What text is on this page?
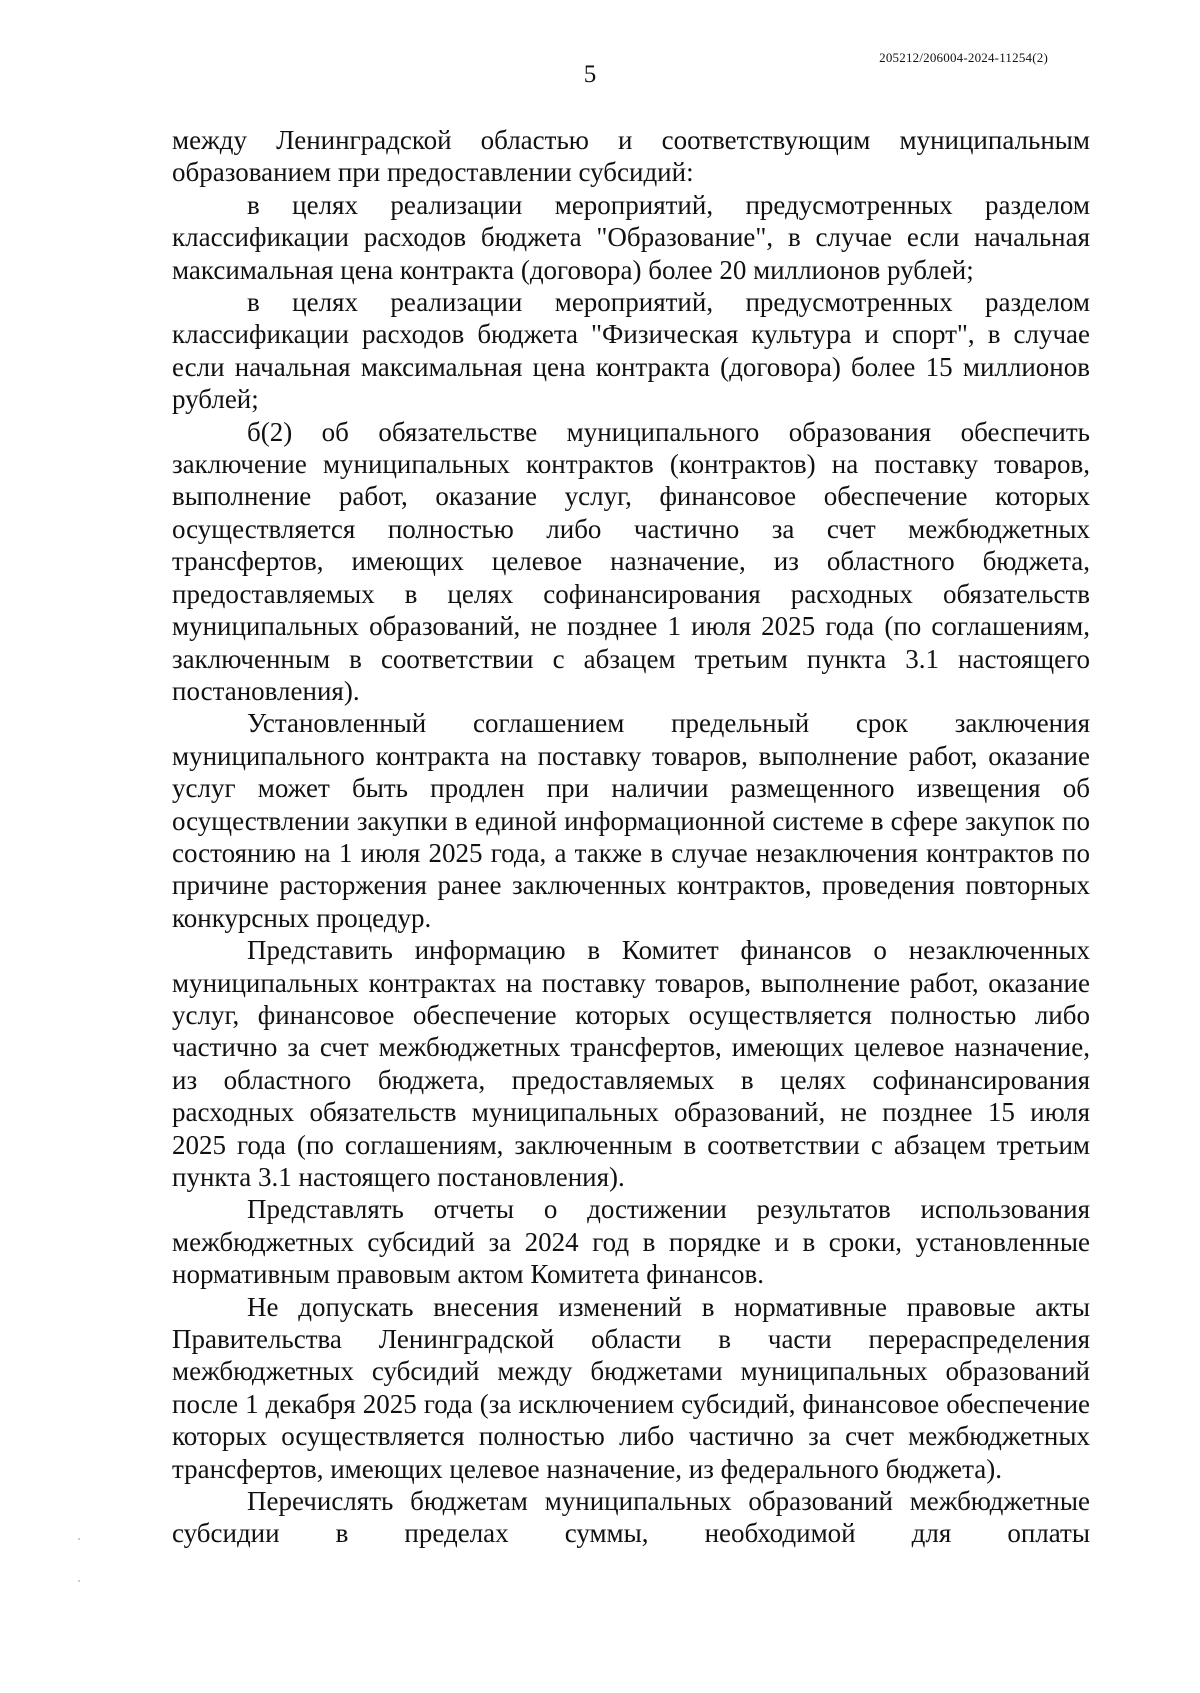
205212/206004-2024-11254(2)
5

между Ленинградской областью и соответствующим муниципальным образованием при предоставлении субсидий:

в целях реализации мероприятий, предусмотренных разделом классификации расходов бюджета "Образование", в случае если начальная максимальная цена контракта (договора) более 20 миллионов рублей;

в целях реализации мероприятий, предусмотренных разделом классификации расходов бюджета "Физическая культура и спорт", в случае если начальная максимальная цена контракта (договора) более 15 миллионов рублей;

б(2) об обязательстве муниципального образования обеспечить заключение муниципальных контрактов (контрактов) на поставку товаров, выполнение работ, оказание услуг, финансовое обеспечение которых осуществляется полностью либо частично за счет межбюджетных трансфертов, имеющих целевое назначение, из областного бюджета, предоставляемых в целях софинансирования расходных обязательств муниципальных образований, не позднее 1 июля 2025 года (по соглашениям, заключенным в соответствии с абзацем третьим пункта 3.1 настоящего постановления).

Установленный соглашением предельный срок заключения муниципального контракта на поставку товаров, выполнение работ, оказание услуг может быть продлен при наличии размещенного извещения об осуществлении закупки в единой информационной системе в сфере закупок по состоянию на 1 июля 2025 года, а также в случае незаключения контрактов по причине расторжения ранее заключенных контрактов, проведения повторных конкурсных процедур.

Представить информацию в Комитет финансов о незаключенных муниципальных контрактах на поставку товаров, выполнение работ, оказание услуг, финансовое обеспечение которых осуществляется полностью либо частично за счет межбюджетных трансфертов, имеющих целевое назначение, из областного бюджета, предоставляемых в целях софинансирования расходных обязательств муниципальных образований, не позднее 15 июля 2025 года (по соглашениям, заключенным в соответствии с абзацем третьим пункта 3.1 настоящего постановления).

Представлять отчеты о достижении результатов использования межбюджетных субсидий за 2024 год в порядке и в сроки, установленные нормативным правовым актом Комитета финансов.

Не допускать внесения изменений в нормативные правовые акты Правительства Ленинградской области в части перераспределения межбюджетных субсидий между бюджетами муниципальных образований после 1 декабря 2025 года (за исключением субсидий, финансовое обеспечение которых осуществляется полностью либо частично за счет межбюджетных трансфертов, имеющих целевое назначение, из федерального бюджета).

Перечислять бюджетам муниципальных образований межбюджетные субсидии в пределах суммы, необходимой для оплаты
